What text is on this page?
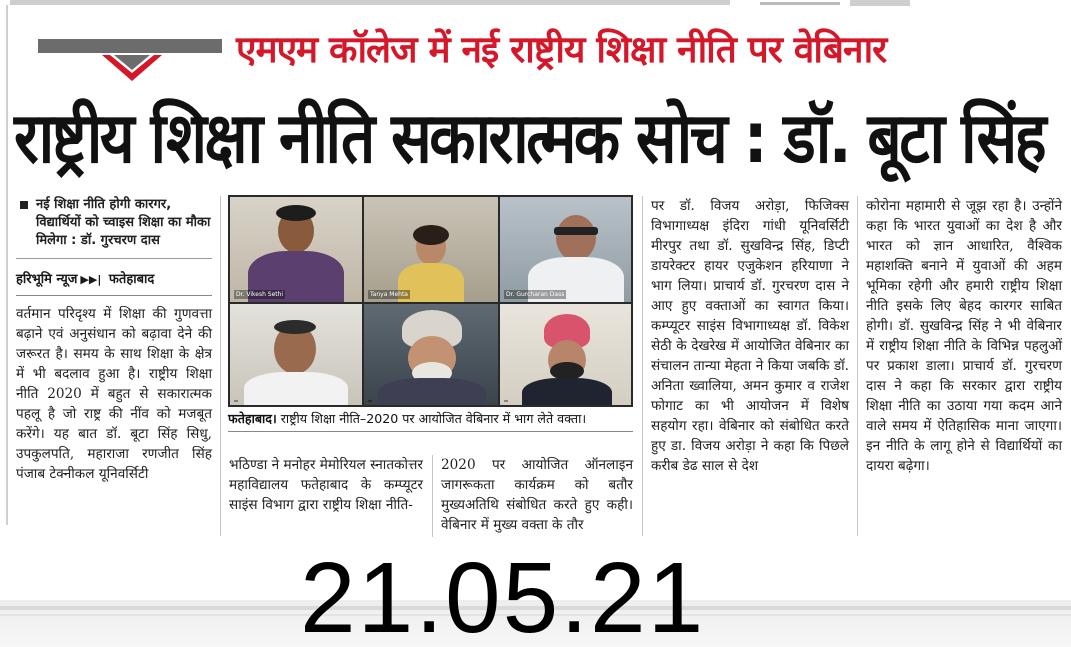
एमएम कॉलेज में नई राष्ट्रीय शिक्षा नीति पर वेबिनार
राष्ट्रीय शिक्षा नीति सकारात्मक सोच : डॉ. बूटा सिंह
नई शिक्षा नीति होगी कारगर, विद्यार्थियों को च्वाइस शिक्षा का मौका मिलेगा : डॉ. गुरचरण दास
हरिभूमि न्यूज ▶▶| फतेहाबाद
वर्तमान परिदृश्य में शिक्षा की गुणवत्ता बढ़ाने एवं अनुसंधान को बढ़ावा देने की जरूरत है। समय के साथ शिक्षा के क्षेत्र में भी बदलाव हुआ है। राष्ट्रीय शिक्षा नीति 2020 में बहुत से सकारात्मक पहलू है जो राष्ट्र की नींव को मजबूत करेंगे। यह बात डॉ. बूटा सिंह सिधु, उपकुलपति, महाराजा रणजीत सिंह पंजाब टेक्नीकल यूनिवर्सिटी
Dr. Vikesh Sethi	Tanya Mehta	Dr. Gurcharan Dass
फतेहाबाद। राष्ट्रीय शिक्षा नीति–2020 पर आयोजित वेबिनार में भाग लेते वक्ता।
भठिण्डा ने मनोहर मेमोरियल स्नातकोत्तर महाविद्यालय फतेहाबाद के कम्प्यूटर साइंस विभाग द्वारा राष्ट्रीय शिक्षा नीति-
2020 पर आयोजित ऑनलाइन जागरूकता कार्यक्रम को बतौर मुख्यअतिथि संबोधित करते हुए कही। वेबिनार में मुख्य वक्ता के तौर
पर डॉ. विजय अरोड़ा, फिजिक्स विभागाध्यक्ष इंदिरा गांधी यूनिवर्सिटी मीरपुर तथा डॉ. सुखविन्द्र सिंह, डिप्टी डायरेक्टर हायर एजुकेशन हरियाणा ने भाग लिया। प्राचार्य डॉ. गुरचरण दास ने आए हुए वक्ताओं का स्वागत किया। कम्प्यूटर साइंस विभागाध्यक्ष डॉ. विकेश सेठी के देखरेख में आयोजित वेबिनार का संचालन तान्या मेहता ने किया जबकि डॉ. अनिता ख्वालिया, अमन कुमार व राजेश फोगाट का भी आयोजन में विशेष सहयोग रहा। वेबिनार को संबोधित करते हुए डा. विजय अरोड़ा ने कहा कि पिछले करीब डेढ साल से देश
कोरोना महामारी से जूझ रहा है। उन्होंने कहा कि भारत युवाओं का देश है और भारत को ज्ञान आधारित, वैश्विक महाशक्ति बनाने में युवाओं की अहम भूमिका रहेगी और हमारी राष्ट्रीय शिक्षा नीति इसके लिए बेहद कारगर साबित होगी। डॉ. सुखविन्द्र सिंह ने भी वेबिनार में राष्ट्रीय शिक्षा नीति के विभिन्न पहलुओं पर प्रकाश डाला। प्राचार्य डॉ. गुरचरण दास ने कहा कि सरकार द्वारा राष्ट्रीय शिक्षा नीति का उठाया गया कदम आने वाले समय में ऐतिहासिक माना जाएगा। इन नीति के लागू होने से विद्यार्थियों का दायरा बढ़ेगा।
21.05.21
